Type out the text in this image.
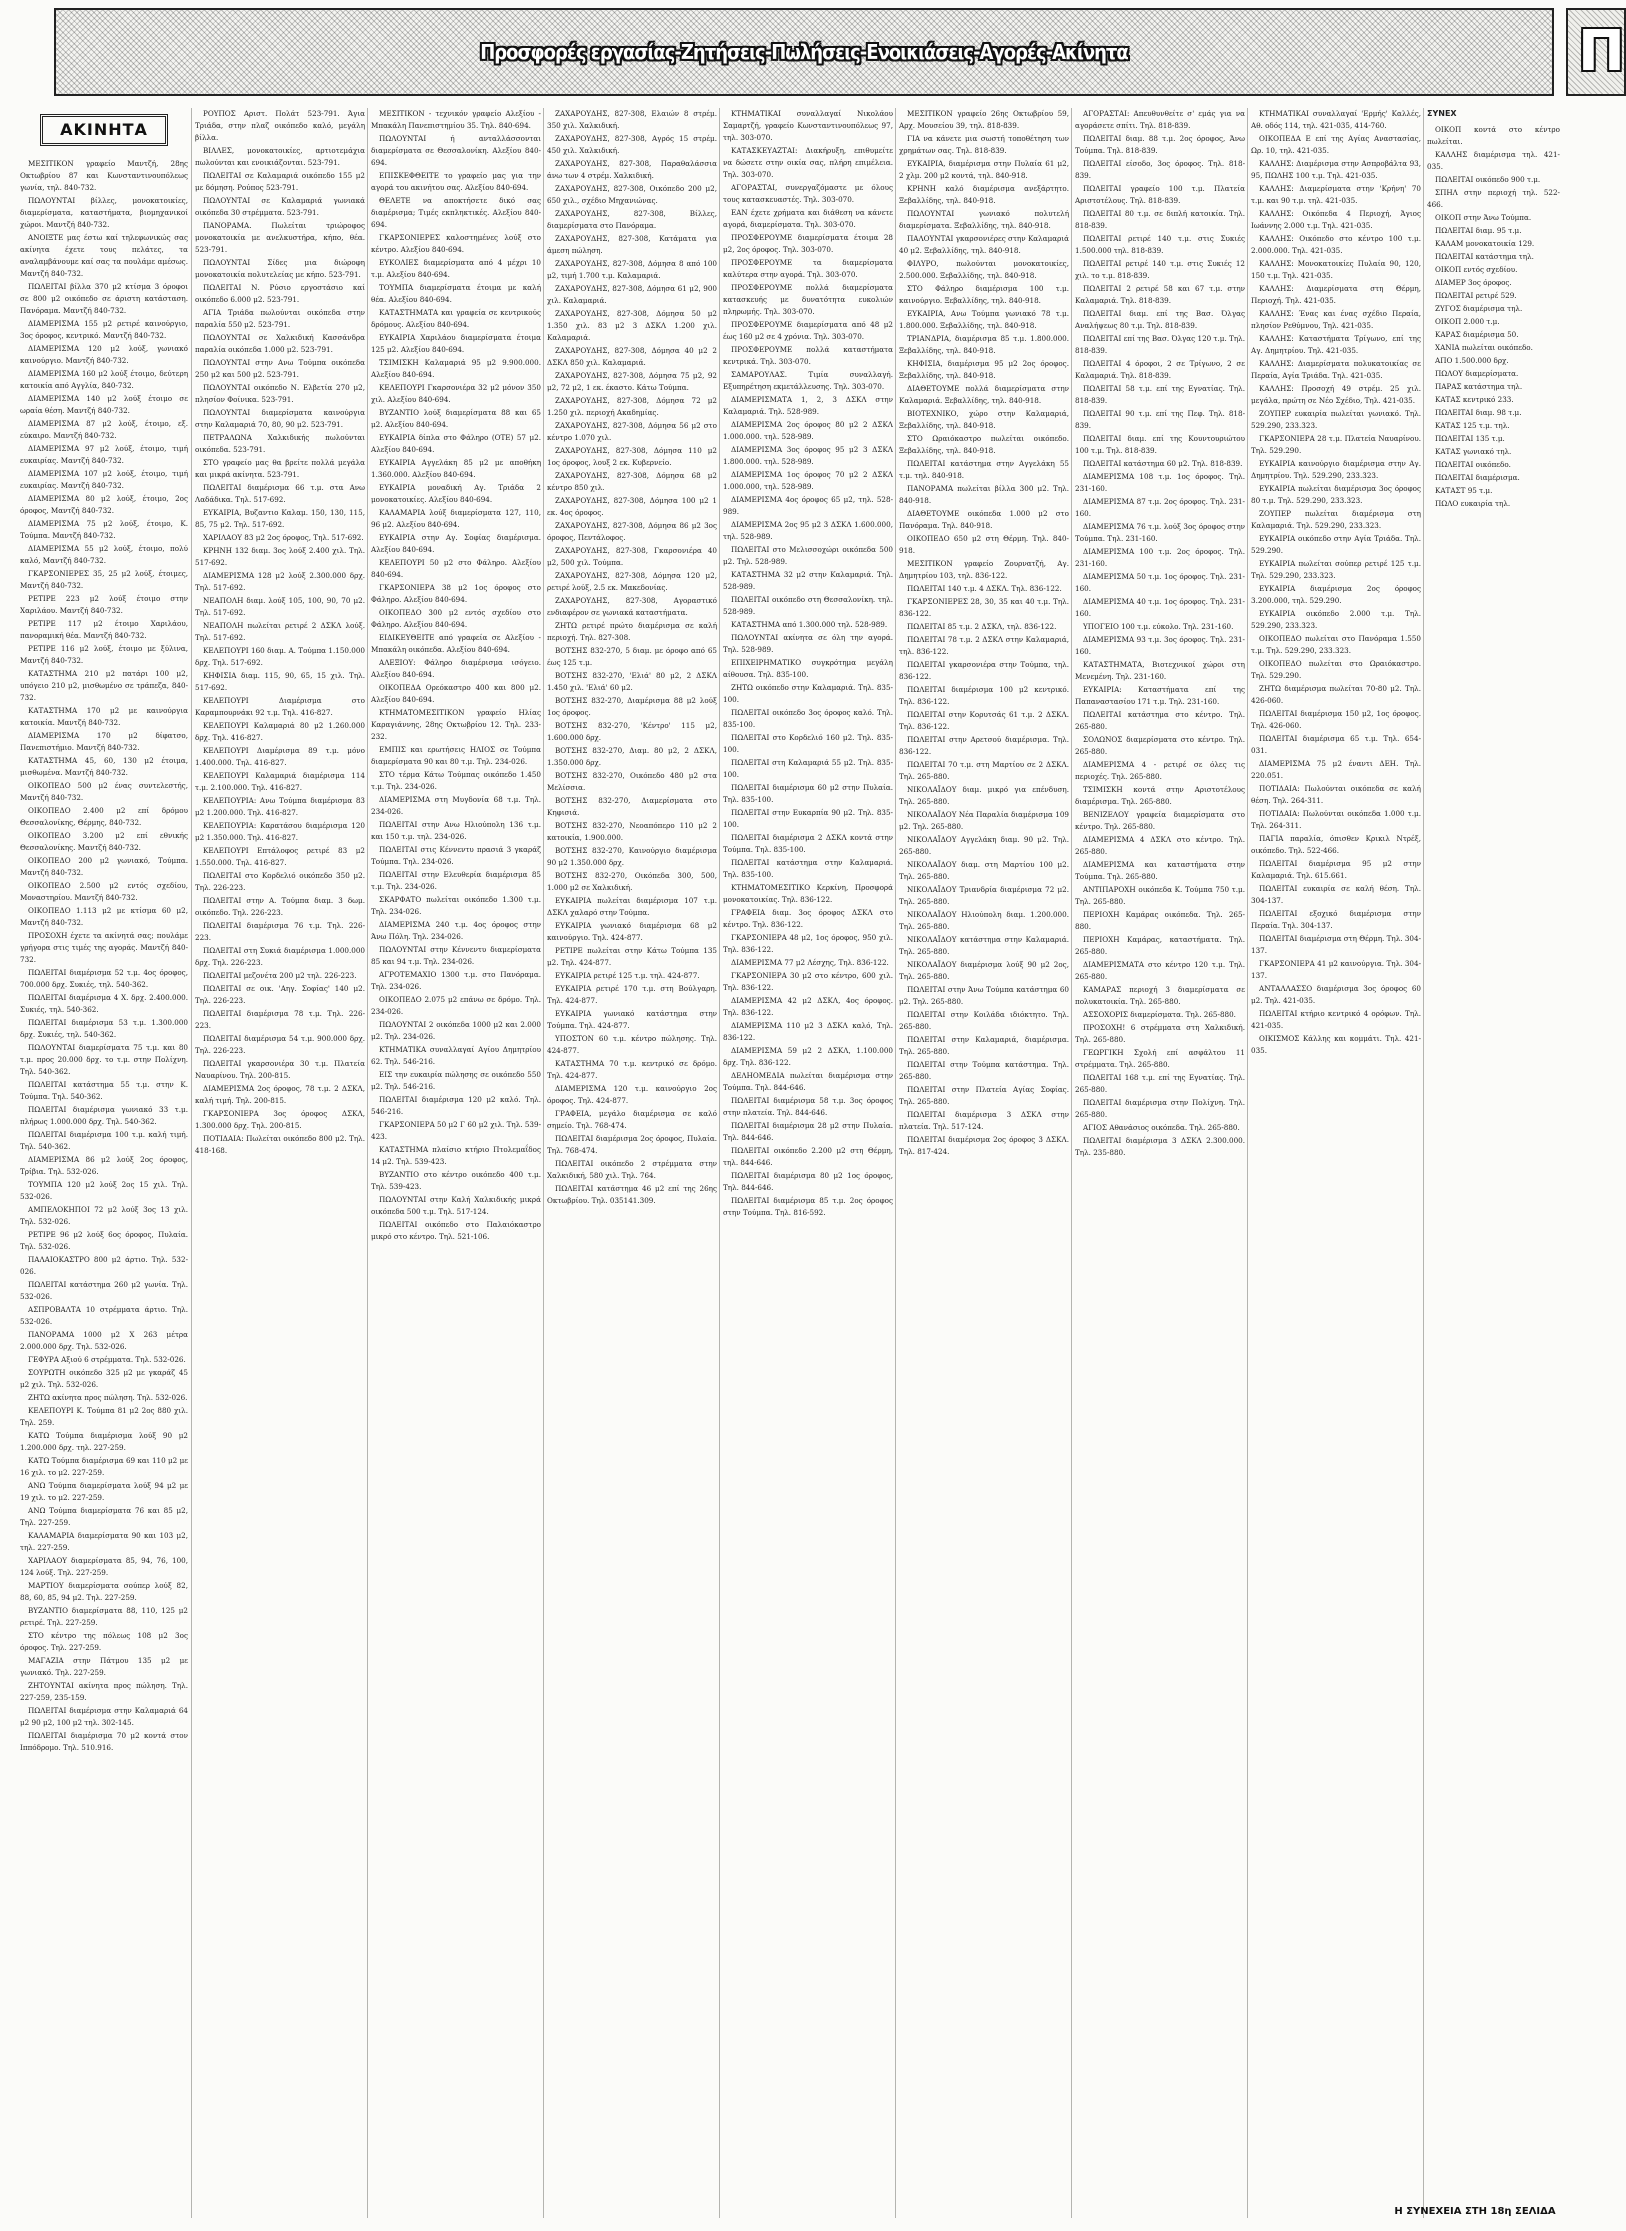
Προσφορές εργασίας-Ζητήσεις-Πωλήσεις-Ενοικιάσεις-Αγορές-Ακίνητα	Π
ΑΚΙΝΗΤΑ

ΜΕΣΙΤΙΚΟΝ γραφείο Μαντζή, 28ης Οκτωβρίου 87 και Κωνσταντινουπόλεως γωνία, τηλ. 840-732.

ΠΩΛΟΥΝΤΑΙ βίλλες, μονοκατοικίες, διαμερίσματα, καταστήματα, βιομηχανικοί χώροι. Μαντζή 840-732.

ΑΝΟΙΞΤΕ μας έστω καί τηλεφωνικώς σας ακίνητα έχετε τους πελάτες, τα αναλαμβάνουμε καί σας τα πουλάμε αμέσως. Μαντζή 840-732.

ΠΩΛΕΙΤΑΙ βίλλα 370 μ2 κτίσμα 3 όροφοι σε 800 μ2 οικόπεδο σε άριστη κατάσταση. Πανόραμα. Μαντζή 840-732.

ΔΙΑΜΕΡΙΣΜΑ 155 μ2 ρετιρέ καινούργιο, 3ος όροφος, κεντρικό. Μαντζή 840-732.

ΔΙΑΜΕΡΙΣΜΑ 120 μ2 λούξ, γωνιακό καινούργιο. Μαντζή 840-732.

ΔΙΑΜΕΡΙΣΜΑ 160 μ2 λούξ έτοιμο, δεύτερη κατοικία από Αγγλία, 840-732.

ΔΙΑΜΕΡΙΣΜΑ 140 μ2 λούξ έτοιμο σε ωραία θέση. Μαντζή 840-732.

ΔΙΑΜΕΡΙΣΜΑ 87 μ2 λούξ, έτοιμο, εξ. εύκαιρο. Μαντζή 840-732.

ΔΙΑΜΕΡΙΣΜΑ 97 μ2 λούξ, έτοιμο, τιμή ευκαιρίας. Μαντζή 840-732.

ΔΙΑΜΕΡΙΣΜΑ 107 μ2 λούξ, έτοιμο, τιμή ευκαιρίας. Μαντζή 840-732.

ΔΙΑΜΕΡΙΣΜΑ 80 μ2 λούξ, έτοιμο, 2ος όροφος, Μαντζή 840-732.

ΔΙΑΜΕΡΙΣΜΑ 75 μ2 λούξ, έτοιμο, Κ. Τούμπα. Μαντζή 840-732.

ΔΙΑΜΕΡΙΣΜΑ 55 μ2 λούξ, έτοιμο, πολύ καλό, Μαντζή 840-732.

ΓΚΑΡΣΟΝΙΕΡΕΣ 35, 25 μ2 λούξ, έτοιμες, Μαντζή 840-732.

ΡΕΤΙΡΕ 223 μ2 λούξ έτοιμο στην Χαριλάου. Μαντζή 840-732.

ΡΕΤΙΡΕ 117 μ2 έτοιμο Χαριλάου, πανοραμική θέα. Μαντζή 840-732.

ΡΕΤΙΡΕ 116 μ2 λούξ, έτοιμο με ξύλινα, Μαντζή 840-732.

ΚΑΤΑΣΤΗΜΑ 210 μ2 πατάρι 100 μ2, υπόγειο 210 μ2, μισθωμένο σε τράπεζα, 840-732.

ΚΑΤΑΣΤΗΜΑ 170 μ2 με καινούργια κατοικία. Μαντζή 840-732.

ΔΙΑΜΕΡΙΣΜΑ 170 μ2 δίφατσο, Πανεπιστήμιο. Μαντζή 840-732.

ΚΑΤΑΣΤΗΜΑ 45, 60, 130 μ2 έτοιμα, μισθωμένα. Μαντζή 840-732.

ΟΙΚΟΠΕΔΟ 500 μ2 ένας συντελεστής, Μαντζή 840-732.

ΟΙΚΟΠΕΔΟ 2.400 μ2 επί δρόμου Θεσσαλονίκης, Θέρμης, 840-732.

ΟΙΚΟΠΕΔΟ 3.200 μ2 επί εθνικής Θεσσαλονίκης. Μαντζή 840-732.

ΟΙΚΟΠΕΔΟ 200 μ2 γωνιακό, Τούμπα. Μαντζή 840-732.

ΟΙΚΟΠΕΔΟ 2.500 μ2 εντός σχεδίου, Μοναστηρίου. Μαντζή 840-732.

ΟΙΚΟΠΕΔΟ 1.113 μ2 με κτίσμα 60 μ2, Μαντζή 840-732.

ΠΡΟΣΟΧΗ έχετε τα ακίνητά σας; πουλάμε γρήγορα στις τιμές της αγοράς. Μαντζή 840-732.

ΠΩΛΕΙΤΑΙ διαμέρισμα 52 τ.μ. 4ος όροφος, 700.000 δρχ. Συκιές, τηλ. 540-362.

ΠΩΛΕΙΤΑΙ διαμέρισμα 4 Χ. δρχ. 2.400.000. Συκιές, τηλ. 540-362.

ΠΩΛΕΙΤΑΙ διαμέρισμα 53 τ.μ. 1.300.000 δρχ. Συκιές, τηλ. 540-362.

ΠΩΛΟΥΝΤΑΙ διαμερίσματα 75 τ.μ. και 80 τ.μ. προς 20.000 δρχ. το τ.μ. στην Πολίχνη. Τηλ. 540-362.

ΠΩΛΕΙΤΑΙ κατάστημα 55 τ.μ. στην Κ. Τούμπα. Τηλ. 540-362.

ΠΩΛΕΙΤΑΙ διαμέρισμα γωνιακό 33 τ.μ. πλήρως 1.000.000 δρχ. Τηλ. 540-362.

ΠΩΛΕΙΤΑΙ διαμέρισμα 100 τ.μ. καλή τιμή. Τηλ. 540-362.

ΔΙΑΜΕΡΙΣΜΑ 86 μ2 λούξ 2ος όροφος, Τρίβια. Τηλ. 532-026.

ΤΟΥΜΠΑ 120 μ2 λούξ 2ος 15 χιλ. Τηλ. 532-026.

ΑΜΠΕΛΟΚΗΠΟΙ 72 μ2 λούξ 3ος 13 χιλ. Τηλ. 532-026.

ΡΕΤΙΡΕ 96 μ2 λούξ 6ος όροφος, Πυλαία. Τηλ. 532-026.

ΠΑΛΑΙΟΚΑΣΤΡΟ 800 μ2 άρτιο. Τηλ. 532-026.

ΠΩΛΕΙΤΑΙ κατάστημα 260 μ2 γωνία. Τηλ. 532-026.

ΑΣΠΡΟΒΑΛΤΑ 10 στρέμματα άρτιο. Τηλ. 532-026.

ΠΑΝΟΡΑΜΑ 1000 μ2 Χ 263 μέτρα 2.000.000 δρχ. Τηλ. 532-026.

ΓΕΦΥΡΑ Αξιού 6 στρέμματα. Τηλ. 532-026.

ΣΟΥΡΩΤΗ οικόπεδο 325 μ2 με γκαράζ 45 μ2 χιλ. Τηλ. 532-026.

ΖΗΤΩ ακίνητα προς πώληση. Τηλ. 532-026.

ΚΕΛΕΠΟΥΡΙ Κ. Τούμπα 81 μ2 2ος 880 χιλ. Τηλ. 259.

ΚΑΤΩ Τούμπα διαμέρισμα λούξ 90 μ2 1.200.000 δρχ. τηλ. 227-259.

ΚΑΤΩ Τούμπα διαμέρισμα 69 και 110 μ2 με 16 χιλ. το μ2. 227-259.

ΑΝΩ Τούμπα διαμερίσματα λούξ 94 μ2 με 19 χιλ. το μ2. 227-259.

ΑΝΩ Τούμπα διαμερίσματα 76 και 85 μ2, Τηλ. 227-259.

ΚΑΛΑΜΑΡΙΑ διαμερίσματα 90 και 103 μ2, τηλ. 227-259.

ΧΑΡΙΛΑΟΥ διαμερίσματα 85, 94, 76, 100, 124 λούξ. Τηλ. 227-259.

ΜΑΡΤΙΟΥ διαμερίσματα σούπερ λούξ 82, 88, 60, 85, 94 μ2. Τηλ. 227-259.

ΒΥΖΑΝΤΙΟ διαμερίσματα 88, 110, 125 μ2 ρετιρέ. Τηλ. 227-259.

ΣΤΟ κέντρο της πόλεως 108 μ2 3ος όροφος. Τηλ. 227-259.

ΜΑΓΑΖΙΑ στην Πάτμου 135 μ2 με γωνιακό. Τηλ. 227-259.

ΖΗΤΟΥΝΤΑΙ ακίνητα προς πώληση. Τηλ. 227-259, 235-159.

ΠΩΛΕΙΤΑΙ διαμέρισμα στην Καλαμαριά 64 μ2 90 μ2, 100 μ2 τηλ. 302-145.

ΠΩΛΕΙΤΑΙ διαμέρισμα 70 μ2 κοντά στον Ιππόδρομο. Τηλ. 510.916.

ΡΟΥΠΟΣ Αριστ. Πολάτ 523-791. Άγια Τριάδα, στην πλαζ οικόπεδο καλό, μεγάλη βίλλα.

ΒΙΛΛΕΣ, μονοκατοικίες, αρτιοτεμάχια πωλούνται και ενοικιάζονται. 523-791.

ΠΩΛΕΙΤΑΙ σε Καλαμαριά οικόπεδο 155 μ2 με δόμηση. Ρούπος 523-791.

ΠΩΛΟΥΝΤΑΙ σε Καλαμαριά γωνιακά οικόπεδα 30 στρέμματα. 523-791.

ΠΑΝΟΡΑΜΑ. Πωλείται τριώροφος μονοκατοικία με ανελκυστήρα, κήπο, θέα. 523-791.

ΠΩΛΟΥΝΤΑΙ Σίδες μια διώροφη μονοκατοικία πολυτελείας με κήπο. 523-791.

ΠΩΛΕΙΤΑΙ Ν. Ρύσιο εργοστάσιο καί οικόπεδο 6.000 μ2. 523-791.

ΑΓΙΑ Τριάδα πωλούνται οικόπεδα στην παραλία 550 μ2. 523-791.

ΠΩΛΟΥΝΤΑΙ σε Χαλκιδική Κασσάνδρα παραλία οικόπεδα 1.000 μ2. 523-791.

ΠΩΛΟΥΝΤΑΙ στην Ανω Τούμπα οικόπεδα 250 μ2 και 500 μ2. 523-791.

ΠΩΛΟΥΝΤΑΙ οικόπεδο Ν. Ελβετία 270 μ2, πλησίον Φοίνικα. 523-791.

ΠΩΛΟΥΝΤΑΙ διαμερίσματα καινούργια στην Καλαμαριά 70, 80, 90 μ2. 523-791.

ΠΕΤΡΑΛΩΝΑ Χαλκιδικής πωλούνται οικόπεδα. 523-791.

ΣΤΟ γραφείο μας θα βρείτε πολλά μεγάλα και μικρά ακίνητα. 523-791.

ΠΩΛΕΙΤΑΙ διαμέρισμα 66 τ.μ. στα Ανω Λαδάδικα. Τηλ. 517-692.

ΕΥΚΑΙΡΙΑ, Βυζαντιο Καλαμ. 150, 130, 115, 85, 75 μ2. Τηλ. 517-692.

ΧΑΡΙΛΑΟΥ 83 μ2 2ος όροφος, Τηλ. 517-692.

ΚΡΗΝΗ 132 διαμ. 3ος λούξ 2.400 χιλ. Τηλ. 517-692.

ΔΙΑΜΕΡΙΣΜΑ 128 μ2 λούξ 2.300.000 δρχ. Τηλ. 517-692.

ΝΕΑΠΟΛΗ διαμ. λούξ 105, 100, 90, 70 μ2. Τηλ. 517-692.

ΝΕΑΠΟΛΗ πωλείται ρετιρέ 2 ΔΣΚΛ λούξ. Τηλ. 517-692.

ΚΕΛΕΠΟΥΡΙ 160 διαμ. Α. Τούμπα 1.150.000 δρχ. Τηλ. 517-692.

ΚΗΦΙΣΙΑ διαμ. 115, 90, 65, 15 χιλ. Τηλ. 517-692.

ΚΕΛΕΠΟΥΡΙ Διαμέρισμα στο Καραμπουρνάκι 92 τ.μ. Τηλ. 416-827.

ΚΕΛΕΠΟΥΡΙ Καλαμαριά 80 μ2 1.260.000 δρχ. Τηλ. 416-827.

ΚΕΛΕΠΟΥΡΙ Διαμέρισμα 89 τ.μ. μόνο 1.400.000. Τηλ. 416-827.

ΚΕΛΕΠΟΥΡΙ Καλαμαριά διαμέρισμα 114 τ.μ. 2.100.000. Τηλ. 416-827.

ΚΕΛΕΠΟΥΡΙΑ: Ανω Τούμπα διαμέρισμα 83 μ2 1.200.000. Τηλ. 416-827.

ΚΕΛΕΠΟΥΡΙΑ: Καρατάσου διαμέρισμα 120 μ2 1.350.000. Τηλ. 416-827.

ΚΕΛΕΠΟΥΡΙ Επτάλοφος ρετιρέ 83 μ2 1.550.000. Τηλ. 416-827.

ΠΩΛΕΙΤΑΙ στο Κορδελιό οικόπεδο 350 μ2. Τηλ. 226-223.

ΠΩΛΕΙΤΑΙ στην Α. Τούμπα διαμ. 3 δωμ. οικόπεδο. Τηλ. 226-223.

ΠΩΛΕΙΤΑΙ διαμέρισμα 76 τ.μ. Τηλ. 226-223.

ΠΩΛΕΙΤΑΙ στη Συκιά διαμέρισμα 1.000.000 δρχ. Τηλ. 226-223.

ΠΩΛΕΙΤΑΙ μεζονέτα 200 μ2 τηλ. 226-223.

ΠΩΛΕΙΤΑΙ σε οικ. 'Αηγ. Σοφίας' 140 μ2. Τηλ. 226-223.

ΠΩΛΕΙΤΑΙ διαμέρισμα 78 τ.μ. Τηλ. 226-223.

ΠΩΛΕΙΤΑΙ διαμέρισμα 54 τ.μ. 900.000 δρχ. Τηλ. 226-223.

ΠΩΛΕΙΤΑΙ γκαρσονιέρα 30 τ.μ. Πλατεία Ναυαρίνου. Τηλ. 200-815.

ΔΙΑΜΕΡΙΣΜΑ 2ος όροφος, 78 τ.μ. 2 ΔΣΚΛ, καλή τιμή. Τηλ. 200-815.

ΓΚΑΡΣΟΝΙΕΡΑ 3ος όροφος ΔΣΚΛ, 1.300.000 δρχ. Τηλ. 200-815.

ΠΟΤΙΔΑΙΑ: Πωλείται οικόπεδο 800 μ2. Τηλ. 418-168.

ΜΕΣΙΤΙΚΟΝ - τεχνικόν γραφείο Αλεξίου - Μπακάλη Πανεπιστημίου 35. Τηλ. 840-694.

ΠΩΛΟΥΝΤΑΙ ή ανταλλάσσονται διαμερίσματα σε Θεσσαλονίκη. Αλεξίου 840-694.

ΕΠΙΣΚΕΦΘΕΙΤΕ το γραφείο μας για την αγορά του ακινήτου σας. Αλεξίου 840-694.

ΘΕΛΕΤΕ να αποκτήσετε δικό σας διαμέρισμα; Τιμές εκπληκτικές. Αλεξίου 840-694.

ΓΚΑΡΣΟΝΙΕΡΕΣ καλοστημένες λούξ στο κέντρο. Αλεξίου 840-694.

ΕΥΚΟΛΙΕΣ διαμερίσματα από 4 μέχρι 10 τ.μ. Αλεξίου 840-694.

ΤΟΥΜΠΑ διαμερίσματα έτοιμα με καλή θέα. Αλεξίου 840-694.

ΚΑΤΑΣΤΗΜΑΤΑ και γραφεία σε κεντρικούς δρόμους. Αλεξίου 840-694.

ΕΥΚΑΙΡΙΑ Χαριλάου διαμερίσματα έτοιμα 125 μ2. Αλεξίου 840-694.

ΤΣΙΜΙΣΚΗ Καλαμαριά 95 μ2 9.900.000. Αλεξίου 840-694.

ΚΕΛΕΠΟΥΡΙ Γκαρσονιέρα 32 μ2 μόνον 350 χιλ. Αλεξίου 840-694.

ΒΥΖΑΝΤΙΟ λούξ διαμερίσματα 88 και 65 μ2. Αλεξίου 840-694.

ΕΥΚΑΙΡΙΑ δίπλα στο Φάληρο (ΟΤΕ) 57 μ2. Αλεξίου 840-694.

ΕΥΚΑΙΡΙΑ Αγγελάκη 85 μ2 με αποθήκη 1.360.000. Αλεξίου 840-694.

ΕΥΚΑΙΡΙΑ μοναδική Αγ. Τριάδα 2 μονοκατοικίες. Αλεξίου 840-694.

ΚΑΛΑΜΑΡΙΑ λούξ διαμερίσματα 127, 110, 96 μ2. Αλεξίου 840-694.

ΕΥΚΑΙΡΙΑ στην Αγ. Σοφίας διαμέρισμα. Αλεξίου 840-694.

ΚΕΛΕΠΟΥΡΙ 50 μ2 στο Φάληρο. Αλεξίου 840-694.

ΓΚΑΡΣΟΝΙΕΡΑ 38 μ2 1ος όροφος στο Φάληρο. Αλεξίου 840-694.

ΟΙΚΟΠΕΔΟ 300 μ2 εντός σχεδίου στο Φάληρο. Αλεξίου 840-694.

ΕΙΔΙΚΕΥΘΕΙΤΕ από γραφεία σε Αλεξίου - Μπακάλη οικόπεδα. Αλεξίου 840-694.

ΑΛΕΞΙΟΥ: Φάληρο διαμέρισμα ισόγειο. Αλεξίου 840-694.

ΟΙΚΟΠΕΔΑ Ορεόκαστρο 400 και 800 μ2. Αλεξίου 840-694.

ΚΤΗΜΑΤΟΜΕΣΙΤΙΚΟΝ γραφείο Ηλίας Καραγιάννης, 28ης Οκτωβρίου 12. Τηλ. 233-232.

ΕΜΠΙΣ και ερωτήσεις ΗΛΙΟΣ σε Τούμπα διαμερίσματα 90 και 80 τ.μ. Τηλ. 234-026.

ΣΤΟ τέρμα Κάτω Τούμπας οικόπεδο 1.450 τ.μ. Τηλ. 234-026.

ΔΙΑΜΕΡΙΣΜΑ στη Μυγδονία 68 τ.μ. Τηλ. 234-026.

ΠΩΛΕΙΤΑΙ στην Ανω Ηλιούπολη 136 τ.μ. και 150 τ.μ. τηλ. 234-026.

ΠΩΛΕΙΤΑΙ στις Κέννεντυ πρασιά 3 γκαράζ Τούμπα. Τηλ. 234-026.

ΠΩΛΕΙΤΑΙ στην Ελευθερία διαμέρισμα 85 τ.μ. Τηλ. 234-026.

ΣΚΑΡΦΑΤΟ πωλείται οικόπεδο 1.300 τ.μ. Τηλ. 234-026.

ΔΙΑΜΕΡΙΣΜΑ 240 τ.μ. 4ος όροφος στην Άνω Πόλη. Τηλ. 234-026.

ΠΩΛΟΥΝΤΑΙ στην Κέννεντυ διαμερίσματα 85 και 94 τ.μ. Τηλ. 234-026.

ΑΓΡΟΤΕΜΑΧΙΟ 1300 τ.μ. στο Πανόραμα. Τηλ. 234-026.

ΟΙΚΟΠΕΔΟ 2.075 μ2 επάνω σε δρόμο. Τηλ. 234-026.

ΠΩΛΟΥΝΤΑΙ 2 οικόπεδα 1000 μ2 και 2.000 μ2. Τηλ. 234-026.

ΚΤΗΜΑΤΙΚΑ συναλλαγαί Αγίου Δημητρίου 62. Τηλ. 546-216.

ΕΙΣ την ευκαιρία πώλησης σε οικόπεδο 550 μ2. Τηλ. 546-216.

ΠΩΛΕΙΤΑΙ διαμέρισμα 120 μ2 καλό. Τηλ. 546-216.

ΓΚΑΡΣΟΝΙΕΡΑ 50 μ2 Γ 60 μ2 χιλ. Τηλ. 539-423.

ΚΑΤΑΣΤΗΜΑ πλαίσιο κτήριο Πτολεμαΐδος 14 μ2. Τηλ. 539-423.

ΒΥΖΑΝΤΙΟ στο κέντρο οικόπεδο 400 τ.μ. Τηλ. 539-423.

ΠΩΛΟΥΝΤΑΙ στην Καλή Χαλκιδικής μικρά οικόπεδα 500 τ.μ. Τηλ. 517-124.

ΠΩΛΕΙΤΑΙ οικόπεδο στο Παλαιόκαστρο μικρό στο κέντρο. Τηλ. 521-106.

ΖΑΧΑΡΟΥΔΗΣ, 827-308, Ελαιών 8 στρέμ. 350 χιλ. Χαλκιδική.

ΖΑΧΑΡΟΥΔΗΣ, 827-308, Αγρός 15 στρέμ. 450 χιλ. Χαλκιδική.

ΖΑΧΑΡΟΥΔΗΣ, 827-308, Παραθαλάσσια άνω των 4 στρέμ. Χαλκιδική.

ΖΑΧΑΡΟΥΔΗΣ, 827-308, Οικόπεδο 200 μ2, 650 χιλ., σχέδιο Μηχανιώνας.

ΖΑΧΑΡΟΥΔΗΣ, 827-308, Βίλλες, διαμερίσματα στο Πανόραμα.

ΖΑΧΑΡΟΥΔΗΣ, 827-308, Κατάματα για άμεση πώληση.

ΖΑΧΑΡΟΥΔΗΣ, 827-308, Δόμησα 8 από 100 μ2, τιμή 1.700 τ.μ. Καλαμαριά.

ΖΑΧΑΡΟΥΔΗΣ, 827-308, Δόμησα 61 μ2, 900 χιλ. Καλαμαριά.

ΖΑΧΑΡΟΥΔΗΣ, 827-308, Δόμησα 50 μ2 1.350 χιλ. 83 μ2 3 ΔΣΚΛ 1.200 χιλ. Καλαμαριά.

ΖΑΧΑΡΟΥΔΗΣ, 827-308, Δόμησα 40 μ2 2 ΔΣΚΛ 850 χιλ. Καλαμαριά.

ΖΑΧΑΡΟΥΔΗΣ, 827-308, Δόμησα 75 μ2, 92 μ2, 72 μ2, 1 εκ. έκαστο. Κάτω Τούμπα.

ΖΑΧΑΡΟΥΔΗΣ, 827-308, Δόμησα 72 μ2 1.250 χιλ. περιοχή Ακαδημίας.

ΖΑΧΑΡΟΥΔΗΣ, 827-308, Δόμησα 56 μ2 στο κέντρο 1.070 χιλ.

ΖΑΧΑΡΟΥΔΗΣ, 827-308, Δόμησα 110 μ2 1ος όροφος, λουξ 2 εκ. Κυβερνείο.

ΖΑΧΑΡΟΥΔΗΣ, 827-308, Δόμησα 68 μ2 κέντρο 850 χιλ.

ΖΑΧΑΡΟΥΔΗΣ, 827-308, Δόμησα 100 μ2 1 εκ. 4ος όροφος.

ΖΑΧΑΡΟΥΔΗΣ, 827-308, Δόμησα 86 μ2 3ος όροφος, Πεντάλοφος.

ΖΑΧΑΡΟΥΔΗΣ, 827-308, Γκαρσονιέρα 40 μ2, 500 χιλ. Τούμπα.

ΖΑΧΑΡΟΥΔΗΣ, 827-308, Δόμησα 120 μ2, ρετιρέ λούξ, 2.5 εκ. Μακεδονίας.

ΖΑΧΑΡΟΥΔΗΣ, 827-308, Αγοραστικό ενδιαφέρον σε γωνιακά καταστήματα.

ΖΗΤΩ ρετιρέ πρώτο διαμέρισμα σε καλή περιοχή. Τηλ. 827-308.

ΒΟΤΣΗΣ 832-270, 5 διαμ. με όροφο από 65 έως 125 τ.μ.

ΒΟΤΣΗΣ 832-270, 'Ελιά' 80 μ2, 2 ΔΣΚΛ 1.450 χιλ. 'Ελιά' 60 μ2.

ΒΟΤΣΗΣ 832-270, Διαμέρισμα 88 μ2 λούξ 1ος όροφος.

ΒΟΤΣΗΣ 832-270, 'Κέντρο' 115 μ2, 1.600.000 δρχ.

ΒΟΤΣΗΣ 832-270, Διαμ. 80 μ2, 2 ΔΣΚΛ, 1.350.000 δρχ.

ΒΟΤΣΗΣ 832-270, Οικόπεδο 480 μ2 στα Μελίσσια.

ΒΟΤΣΗΣ 832-270, Διαμερίσματα στο Κηφισιά.

ΒΟΤΣΗΣ 832-270, Νεοαπόπερο 110 μ2 2 κατοικία, 1.900.000.

ΒΟΤΣΗΣ 832-270, Καινούργιο διαμέρισμα 90 μ2 1.350.000 δρχ.

ΒΟΤΣΗΣ 832-270, Οικόπεδα 300, 500, 1.000 μ2 σε Χαλκιδική.

ΕΥΚΑΙΡΙΑ πωλείται διαμέρισμα 107 τ.μ. ΔΣΚΛ χαλαρό στην Τούμπα.

ΕΥΚΑΙΡΙΑ γωνιακό διαμέρισμα 68 μ2 καινούργιο. Τηλ. 424-877.

ΡΕΤΙΡΕ πωλείται στην Κάτω Τούμπα 135 μ2. Τηλ. 424-877.

ΕΥΚΑΙΡΙΑ ρετιρέ 125 τ.μ. τηλ. 424-877.

ΕΥΚΑΙΡΙΑ ρετιρέ 170 τ.μ. στη Βούλγαρη. Τηλ. 424-877.

ΕΥΚΑΙΡΙΑ γωνιακό κατάστημα στην Τούμπα. Τηλ. 424-877.

ΥΠΟΣΤΟΝ 60 τ.μ. κέντρο πώλησης. Τηλ. 424-877.

ΚΑΤΑΣΤΗΜΑ 70 τ.μ. κεντρικό σε δρόμο. Τηλ. 424-877.

ΔΙΑΜΕΡΙΣΜΑ 120 τ.μ. καινούργιο 2ος όροφος. Τηλ. 424-877.

ΓΡΑΦΕΙΑ, μεγάλο διαμέρισμα σε καλό σημείο. Τηλ. 768-474.

ΠΩΛΕΙΤΑΙ διαμέρισμα 2ος όροφος, Πυλαία. Τηλ. 768-474.

ΠΩΛΕΙΤΑΙ οικόπεδο 2 στρέμματα στην Χαλκιδική, 580 χιλ. Τηλ. 764.

ΠΩΛΕΙΤΑΙ κατάστημα 46 μ2 επί της 26ης Οκτωβρίου. Τηλ. 035141.309.

ΚΤΗΜΑΤΙΚΑΙ συναλλαγαί Νικολάου Σαμαρτζή, γραφείο Κωνσταντινουπόλεως 97, τηλ. 303-070.

ΚΑΤΑΣΚΕΥΑΖΤΑΙ: Διακήρυξη, επιθυμείτε να δώσετε στην οικία σας, πλήρη επιμέλεια. Τηλ. 303-070.

ΑΓΟΡΑΣΤΑΙ, συνεργαζόμαστε με όλους τους κατασκευαστές. Τηλ. 303-070.

ΕΑΝ έχετε χρήματα και διάθεση να κάνετε αγορά, διαμερίσματα. Τηλ. 303-070.

ΠΡΟΣΦΕΡΟΥΜΕ διαμερίσματα έτοιμα 28 μ2, 2ος όροφος. Τηλ. 303-070.

ΠΡΟΣΦΕΡΟΥΜΕ τα διαμερίσματα καλύτερα στην αγορά. Τηλ. 303-070.

ΠΡΟΣΦΕΡΟΥΜΕ πολλά διαμερίσματα κατασκευής με δυνατότητα ευκολιών πληρωμής. Τηλ. 303-070.

ΠΡΟΣΦΕΡΟΥΜΕ διαμερίσματα από 48 μ2 έως 160 μ2 σε 4 χρόνια. Τηλ. 303-070.

ΠΡΟΣΦΕΡΟΥΜΕ πολλά καταστήματα κεντρικά. Τηλ. 303-070.

ΣΑΜΑΡΟΥΛΑΣ. Τιμία συναλλαγή. Εξυπηρέτηση εκμετάλλευσης. Τηλ. 303-070.

ΔΙΑΜΕΡΙΣΜΑΤΑ 1, 2, 3 ΔΣΚΛ στην Καλαμαριά. Τηλ. 528-989.

ΔΙΑΜΕΡΙΣΜΑ 2ος όροφος 80 μ2 2 ΔΣΚΛ 1.000.000. τηλ. 528-989.

ΔΙΑΜΕΡΙΣΜΑ 3ος όροφος 95 μ2 3 ΔΣΚΛ 1.800.000. τηλ. 528-989.

ΔΙΑΜΕΡΙΣΜΑ 1ος όροφος 70 μ2 2 ΔΣΚΛ 1.000.000, τηλ. 528-989.

ΔΙΑΜΕΡΙΣΜΑ 4ος όροφος 65 μ2, τηλ. 528-989.

ΔΙΑΜΕΡΙΣΜΑ 2ος 95 μ2 3 ΔΣΚΛ 1.600.000, τηλ. 528-989.

ΠΩΛΕΙΤΑΙ στο Μελισσοχώρι οικόπεδα 500 μ2. Τηλ. 528-989.

ΚΑΤΑΣΤΗΜΑ 32 μ2 στην Καλαμαριά. Τηλ. 528-989.

ΠΩΛΕΙΤΑΙ οικόπεδο στη Θεσσαλονίκη. τηλ. 528-989.

ΚΑΤΑΣΤΗΜΑ από 1.300.000 τηλ. 528-989.

ΠΩΛΟΥΝΤΑΙ ακίνητα σε όλη την αγορά. Τηλ. 528-989.

ΕΠΙΧΕΙΡΗΜΑΤΙΚΟ συγκρότημα μεγάλη αίθουσα. Τηλ. 835-100.

ΖΗΤΩ οικόπεδο στην Καλαμαριά. Τηλ. 835-100.

ΠΩΛΕΙΤΑΙ οικόπεδο 3ος όροφος καλό. Τηλ. 835-100.

ΠΩΛΕΙΤΑΙ στο Κορδελιό 160 μ2. Τηλ. 835-100.

ΠΩΛΕΙΤΑΙ στη Καλαμαριά 55 μ2. Τηλ. 835-100.

ΠΩΛΕΙΤΑΙ διαμέρισμα 60 μ2 στην Πυλαία. Τηλ. 835-100.

ΠΩΛΕΙΤΑΙ στην Ευκαρπία 90 μ2. Τηλ. 835-100.

ΠΩΛΕΙΤΑΙ διαμέρισμα 2 ΔΣΚΛ κοντά στην Τούμπα. Τηλ. 835-100.

ΠΩΛΕΙΤΑΙ κατάστημα στην Καλαμαριά. Τηλ. 835-100.

ΚΤΗΜΑΤΟΜΕΣΙΤΙΚΟ Κερκίνη, Προσφορά μονοκατοικίας. Τηλ. 836-122.

ΓΡΑΦΕΙΑ διαμ. 3ος όροφος ΔΣΚΛ στο κέντρο. Τηλ. 836-122.

ΓΚΑΡΣΟΝΙΕΡΑ 48 μ2, 1ος όροφος, 950 χιλ. Τηλ. 836-122.

ΔΙΑΜΕΡΙΣΜΑ 77 μ2 Λέσχης, Τηλ. 836-122.

ΓΚΑΡΣΟΝΙΕΡΑ 30 μ2 στο κέντρο, 600 χιλ. Τηλ. 836-122.

ΔΙΑΜΕΡΙΣΜΑ 42 μ2 ΔΣΚΛ, 4ος όροφος. Τηλ. 836-122.

ΔΙΑΜΕΡΙΣΜΑ 110 μ2 3 ΔΣΚΛ καλό, Τηλ. 836-122.

ΔΙΑΜΕΡΙΣΜΑ 59 μ2 2 ΔΣΚΛ, 1.100.000 δρχ. Τηλ. 836-122.

ΔΕΛΗΟΜΕΔΙΑ πωλείται διαμέρισμα στην Τούμπα. Τηλ. 844-646.

ΠΩΛΕΙΤΑΙ διαμέρισμα 58 τ.μ. 3ος όροφος στην πλατεία. Τηλ. 844-646.

ΠΩΛΕΙΤΑΙ διαμέρισμα 28 μ2 στην Πυλαία. Τηλ. 844-646.

ΠΩΛΕΙΤΑΙ οικόπεδο 2.200 μ2 στη Θέρμη, τηλ. 844-646.

ΠΩΛΕΙΤΑΙ διαμέρισμα 80 μ2 1ος όροφος, Τηλ. 844-646.

ΠΩΛΕΙΤΑΙ διαμέρισμα 85 τ.μ. 2ος όροφος στην Τούμπα. Τηλ. 816-592.

ΜΕΣΙΤΙΚΟΝ γραφείο 26ης Οκτωβρίου 59, Αρχ. Μουσείου 39, τηλ. 818-839.

ΓΙΑ να κάνετε μια σωστή τοποθέτηση των χρημάτων σας. Τηλ. 818-839.

ΕΥΚΑΙΡΙΑ, διαμέρισμα στην Πυλαία 61 μ2, 2 χλμ. 200 μ2 κοντά, τηλ. 840-918.

ΚΡΗΝΗ καλό διαμέρισμα ανεξάρτητο. Ξεβαλλίδης, τηλ. 840-918.

ΠΩΛΟΥΝΤΑΙ γωνιακό πολυτελή διαμερίσματα. Ξεβαλλίδης, τηλ. 840-918.

ΠΑΛΟΥΝΤΑΙ γκαρσονιέρες στην Καλαμαριά 40 μ2. Ξεβαλλίδης, τηλ. 840-918.

ΦΙΛΥΡΟ, πωλούνται μονοκατοικίες, 2.500.000. Ξεβαλλίδης, τηλ. 840-918.

ΣΤΟ Φάληρο διαμέρισμα 100 τ.μ. καινούργιο. Ξεβαλλίδης, τηλ. 840-918.

ΕΥΚΑΙΡΙΑ, Ανω Τούμπα γωνιακό 78 τ.μ. 1.800.000. Ξεβαλλίδης, τηλ. 840-918.

ΤΡΙΑΝΔΡΙΑ, διαμέρισμα 85 τ.μ. 1.800.000. Ξεβαλλίδης, τηλ. 840-918.

ΚΗΦΙΣΙΑ, διαμέρισμα 95 μ2 2ος όροφος. Ξεβαλλίδης, τηλ. 840-918.

ΔΙΑΘΕΤΟΥΜΕ πολλά διαμερίσματα στην Καλαμαριά. Ξεβαλλίδης, τηλ. 840-918.

ΒΙΟΤΕΧΝΙΚΟ, χώρο στην Καλαμαριά, Ξεβαλλίδης, τηλ. 840-918.

ΣΤΟ Ωραιόκαστρο πωλείται οικόπεδο. Ξεβαλλίδης, τηλ. 840-918.

ΠΩΛΕΙΤΑΙ κατάστημα στην Αγγελάκη 55 τ.μ. τηλ. 840-918.

ΠΑΝΟΡΑΜΑ πωλείται βίλλα 300 μ2. Τηλ. 840-918.

ΔΙΑΘΕΤΟΥΜΕ οικόπεδα 1.000 μ2 στο Πανόραμα. Τηλ. 840-918.

ΟΙΚΟΠΕΔΟ 650 μ2 στη Θέρμη. Τηλ. 840-918.

ΜΕΣΙΤΙΚΟΝ γραφείο Ζουρνατζή, Αγ. Δημητρίου 103, τηλ. 836-122.

ΠΩΛΕΙΤΑΙ 140 τ.μ. 4 ΔΣΚΛ. Τηλ. 836-122.

ΓΚΑΡΣΟΝΙΕΡΕΣ 28, 30, 35 και 40 τ.μ. Τηλ. 836-122.

ΠΩΛΕΙΤΑΙ 85 τ.μ. 2 ΔΣΚΛ, τηλ. 836-122.

ΠΩΛΕΙΤΑΙ 78 τ.μ. 2 ΔΣΚΛ στην Καλαμαριά, τηλ. 836-122.

ΠΩΛΕΙΤΑΙ γκαρσονιέρα στην Τούμπα, τηλ. 836-122.

ΠΩΛΕΙΤΑΙ διαμέρισμα 100 μ2 κεντρικό. Τηλ. 836-122.

ΠΩΛΕΙΤΑΙ στην Κορυτσάς 61 τ.μ. 2 ΔΣΚΛ. Τηλ. 836-122.

ΠΩΛΕΙΤΑΙ στην Αρετσού διαμέρισμα. Τηλ. 836-122.

ΠΩΛΕΙΤΑΙ 70 τ.μ. στη Μαρτίου σε 2 ΔΣΚΛ. Τηλ. 265-880.

ΝΙΚΟΛΑΪΔΟΥ διαμ. μικρό για επένδυση. Τηλ. 265-880.

ΝΙΚΟΛΑΪΔΟΥ Νέα Παραλία διαμέρισμα 109 μ2. Τηλ. 265-880.

ΝΙΚΟΛΑΪΔΟΥ Αγγελάκη διαμ. 90 μ2. Τηλ. 265-880.

ΝΙΚΟΛΑΪΔΟΥ διαμ. στη Μαρτίου 100 μ2. Τηλ. 265-880.

ΝΙΚΟΛΑΪΔΟΥ Τριανδρία διαμέρισμα 72 μ2. Τηλ. 265-880.

ΝΙΚΟΛΑΪΔΟΥ Ηλιούπολη διαμ. 1.200.000. Τηλ. 265-880.

ΝΙΚΟΛΑΪΔΟΥ κατάστημα στην Καλαμαριά. Τηλ. 265-880.

ΝΙΚΟΛΑΪΔΟΥ διαμέρισμα λούξ 90 μ2 2ος, Τηλ. 265-880.

ΠΩΛΕΙΤΑΙ στην Άνω Τούμπα κατάστημα 60 μ2. Τηλ. 265-880.

ΠΩΛΕΙΤΑΙ στην Κοιλάδα ιδιόκτητο. Τηλ. 265-880.

ΠΩΛΕΙΤΑΙ στην Καλαμαριά, διαμέρισμα. Τηλ. 265-880.

ΠΩΛΕΙΤΑΙ στην Τούμπα κατάστημα. Τηλ. 265-880.

ΠΩΛΕΙΤΑΙ στην Πλατεία Αγίας Σοφίας. Τηλ. 265-880.

ΠΩΛΕΙΤΑΙ διαμέρισμα 3 ΔΣΚΛ στην πλατεία. Τηλ. 517-124.

ΠΩΛΕΙΤΑΙ διαμέρισμα 2ος όροφος 3 ΔΣΚΛ. Τηλ. 817-424.

ΑΓΟΡΑΣΤΑΙ: Απευθυνθείτε σ' εμάς για να αγοράσετε σπίτι. Τηλ. 818-839.

ΠΩΛΕΙΤΑΙ διαμ. 88 τ.μ. 2ος όροφος, Άνω Τούμπα. Τηλ. 818-839.

ΠΩΛΕΙΤΑΙ είσοδο, 3ος όροφος. Τηλ. 818-839.

ΠΩΛΕΙΤΑΙ γραφείο 100 τ.μ. Πλατεία Αριστοτέλους. Τηλ. 818-839.

ΠΩΛΕΙΤΑΙ 80 τ.μ. σε διπλή κατοικία. Τηλ. 818-839.

ΠΩΛΕΙΤΑΙ ρετιρέ 140 τ.μ. στις Συκιές 1.500.000 τηλ. 818-839.

ΠΩΛΕΙΤΑΙ ρετιρέ 140 τ.μ. στις Συκιές 12 χιλ. το τ.μ. 818-839.

ΠΩΛΕΙΤΑΙ 2 ρετιρέ 58 και 67 τ.μ. στην Καλαμαριά. Τηλ. 818-839.

ΠΩΛΕΙΤΑΙ διαμ. επί της Βασ. Όλγας Αναλήψεως 80 τ.μ. Τηλ. 818-839.

ΠΩΛΕΙΤΑΙ επί της Βασ. Όλγας 120 τ.μ. Τηλ. 818-839.

ΠΩΛΕΙΤΑΙ 4 όροφοι, 2 σε Τρίγωνο, 2 σε Καλαμαριά. Τηλ. 818-839.

ΠΩΛΕΙΤΑΙ 58 τ.μ. επί της Εγνατίας. Τηλ. 818-839.

ΠΩΛΕΙΤΑΙ 90 τ.μ. επί της Πεφ. Τηλ. 818-839.

ΠΩΛΕΙΤΑΙ διαμ. επί της Κουντουριώτου 100 τ.μ. Τηλ. 818-839.

ΠΩΛΕΙΤΑΙ κατάστημα 60 μ2. Τηλ. 818-839.

ΔΙΑΜΕΡΙΣΜΑ 108 τ.μ. 1ος όροφος. Τηλ. 231-160.

ΔΙΑΜΕΡΙΣΜΑ 87 τ.μ. 2ος όροφος. Τηλ. 231-160.

ΔΙΑΜΕΡΙΣΜΑ 76 τ.μ. λούξ 3ος όροφος στην Τούμπα. Τηλ. 231-160.

ΔΙΑΜΕΡΙΣΜΑ 100 τ.μ. 2ος όροφος. Τηλ. 231-160.

ΔΙΑΜΕΡΙΣΜΑ 50 τ.μ. 1ος όροφος. Τηλ. 231-160.

ΔΙΑΜΕΡΙΣΜΑ 40 τ.μ. 1ος όροφος. Τηλ. 231-160.

ΥΠΟΓΕΙΟ 100 τ.μ. εύκολο. Τηλ. 231-160.

ΔΙΑΜΕΡΙΣΜΑ 93 τ.μ. 3ος όροφος. Τηλ. 231-160.

ΚΑΤΑΣΤΗΜΑΤΑ, Βιοτεχνικοί χώροι στη Μενεμένη. Τηλ. 231-160.

ΕΥΚΑΙΡΙΑ: Καταστήματα επί της Παπαναστασίου 171 τ.μ. Τηλ. 231-160.

ΠΩΛΕΙΤΑΙ κατάστημα στο κέντρο. Τηλ. 265-880.

ΣΟΛΩΝΟΣ διαμερίσματα στο κέντρο. Τηλ. 265-880.

ΔΙΑΜΕΡΙΣΜΑ 4 - ρετιρέ σε όλες τις περιοχές. Τηλ. 265-880.

ΤΣΙΜΙΣΚΗ κοντά στην Αριστοτέλους διαμέρισμα. Τηλ. 265-880.

ΒΕΝΙΖΕΛΟΥ γραφεία διαμερίσματα στο κέντρο. Τηλ. 265-880.

ΔΙΑΜΕΡΙΣΜΑ 4 ΔΣΚΛ στο κέντρο. Τηλ. 265-880.

ΔΙΑΜΕΡΙΣΜΑ και καταστήματα στην Τούμπα. Τηλ. 265-880.

ΑΝΤΙΠΑΡΟΧΗ οικόπεδα Κ. Τούμπα 750 τ.μ. Τηλ. 265-880.

ΠΕΡΙΟΧΗ Καμάρας οικόπεδα. Τηλ. 265-880.

ΠΕΡΙΟΧΗ Καμάρας, καταστήματα. Τηλ. 265-880.

ΔΙΑΜΕΡΙΣΜΑΤΑ στο κέντρο 120 τ.μ. Τηλ. 265-880.

ΚΑΜΑΡΑΣ περιοχή 3 διαμερίσματα σε πολυκατοικία. Τηλ. 265-880.

ΑΣΣΟΧΟΡΙΣ διαμερίσματα. Τηλ. 265-880.

ΠΡΟΣΟΧΗ! 6 στρέμματα στη Χαλκιδική. Τηλ. 265-880.

ΓΕΩΡΓΙΚΗ Σχολή επί ασφάλτου 11 στρέμματα. Τηλ. 265-880.

ΠΩΛΕΙΤΑΙ 168 τ.μ. επί της Εγνατίας. Τηλ. 265-880.

ΠΩΛΕΙΤΑΙ διαμέρισμα στην Πολίχνη. Τηλ. 265-880.

ΑΓΙΟΣ Αθανάσιος οικόπεδα. Τηλ. 265-880.

ΠΩΛΕΙΤΑΙ διαμέρισμα 3 ΔΣΚΛ 2.300.000. Τηλ. 235-880.

ΚΤΗΜΑΤΙΚΑΙ συναλλαγαί 'Ερμής' Καλλές, Αθ. οδός 114, τηλ. 421-035, 414-760.

ΟΙΚΟΠΕΔΑ Ε επί της Αγίας Αναστασίας, Ωρ. 10, τηλ. 421-035.

ΚΑΛΛΗΣ: Διαμέρισμα στην Ασπροβάλτα 93, 95, ΠΩΛΗΣ 100 τ.μ. Τηλ. 421-035.

ΚΑΛΛΗΣ: Διαμερίσματα στην 'Κρήνη' 70 τ.μ. και 90 τ.μ. τηλ. 421-035.

ΚΑΛΛΗΣ: Οικόπεδα 4 Περιοχή, Άγιος Ιωάννης 2.000 τ.μ. Τηλ. 421-035.

ΚΑΛΛΗΣ: Οικόπεδο στο κέντρο 100 τ.μ. 2.000.000. Τηλ. 421-035.

ΚΑΛΛΗΣ: Μονοκατοικίες Πυλαία 90, 120, 150 τ.μ. Τηλ. 421-035.

ΚΑΛΛΗΣ: Διαμερίσματα στη Θέρμη, Περιοχή. Τηλ. 421-035.

ΚΑΛΛΗΣ: Ένας και ένας σχέδιο Περαία, πλησίον Ρεθύμνου, Τηλ. 421-035.

ΚΑΛΛΗΣ: Καταστήματα Τρίγωνο, επί της Αγ. Δημητρίου. Τηλ. 421-035.

ΚΑΛΛΗΣ: Διαμερίσματα πολυκατοικίας σε Περαία, Αγία Τριάδα. Τηλ. 421-035.

ΚΑΛΛΗΣ: Προσοχή 49 στρέμ. 25 χιλ. μεγάλα, πρώτη σε Νέο Σχέδιο, Τηλ. 421-035.

ΖΟΥΠΕΡ ευκαιρία πωλείται γωνιακό. Τηλ. 529.290, 233.323.

ΓΚΑΡΣΟΝΙΕΡΑ 28 τ.μ. Πλατεία Ναυαρίνου. Τηλ. 529.290.

ΕΥΚΑΙΡΙΑ καινούργιο διαμέρισμα στην Αγ. Δημητρίου. Τηλ. 529.290, 233.323.

ΕΥΚΑΙΡΙΑ πωλείται διαμέρισμα 3ος όροφος 80 τ.μ. Τηλ. 529.290, 233.323.

ΖΟΥΠΕΡ πωλείται διαμέρισμα στη Καλαμαριά. Τηλ. 529.290, 233.323.

ΕΥΚΑΙΡΙΑ οικόπεδο στην Αγία Τριάδα. Τηλ. 529.290.

ΕΥΚΑΙΡΙΑ πωλείται σούπερ ρετιρέ 125 τ.μ. Τηλ. 529.290, 233.323.

ΕΥΚΑΙΡΙΑ διαμέρισμα 2ος όροφος 3.200.000, τηλ. 529.290.

ΕΥΚΑΙΡΙΑ οικόπεδο 2.000 τ.μ. Τηλ. 529.290, 233.323.

ΟΙΚΟΠΕΔΟ πωλείται στο Πανόραμα 1.550 τ.μ. Τηλ. 529.290, 233.323.

ΟΙΚΟΠΕΔΟ πωλείται στο Ωραιόκαστρο. Τηλ. 529.290.

ΖΗΤΩ διαμέρισμα πωλείται 70-80 μ2. Τηλ. 426-060.

ΠΩΛΕΙΤΑΙ διαμέρισμα 150 μ2, 1ος όροφος. Τηλ. 426-060.

ΠΩΛΕΙΤΑΙ διαμέρισμα 65 τ.μ. Τηλ. 654-031.

ΔΙΑΜΕΡΙΣΜΑ 75 μ2 έναντι ΔΕΗ. Τηλ. 220.051.

ΠΟΤΙΔΑΙΑ: Πωλούνται οικόπεδα σε καλή θέση. Τηλ. 264-311.

ΠΟΤΙΔΑΙΑ: Πωλούνται οικόπεδα 1.000 τ.μ. Τηλ. 264-311.

ΠΑΓΙΑ παραλία, όπισθεν Κρικιλ Ντρέξ, οικόπεδο. Τηλ. 522-466.

ΠΩΛΕΙΤΑΙ διαμέρισμα 95 μ2 στην Καλαμαριά. Τηλ. 615.661.

ΠΩΛΕΙΤΑΙ ευκαιρία σε καλή θέση. Τηλ. 304-137.

ΠΩΛΕΙΤΑΙ εξοχικό διαμέρισμα στην Περαία. Τηλ. 304-137.

ΠΩΛΕΙΤΑΙ διαμέρισμα στη Θέρμη. Τηλ. 304-137.

ΓΚΑΡΣΟΝΙΕΡΑ 41 μ2 καινούργια. Τηλ. 304-137.

ΑΝΤΑΛΛΑΣΣΟ διαμέρισμα 3ος όροφος 60 μ2. Τηλ. 421-035.

ΠΩΛΕΙΤΑΙ κτήριο κεντρικό 4 ορόφων. Τηλ. 421-035.

ΟΙΚΙΣΜΟΣ Κάλλης και κομμάτι. Τηλ. 421-035.

ΣΥΝΕΧ

ΟΙΚΟΠ κοντά στο κέντρο πωλείται.

ΚΑΛΛΗΣ διαμέρισμα τηλ. 421-035.

ΠΩΛΕΙΤΑΙ οικόπεδο 900 τ.μ.

ΣΠΗΛ στην περιοχή τηλ. 522-466.

ΟΙΚΟΠ στην Άνω Τούμπα.

ΠΩΛΕΙΤΑΙ διαμ. 95 τ.μ.

ΚΑΛΑΜ μονοκατοικία 129.

ΠΩΛΕΙΤΑΙ κατάστημα τηλ.

ΟΙΚΟΠ εντός σχεδίου.

ΔΙΑΜΕΡ 3ος όροφος.

ΠΩΛΕΙΤΑΙ ρετιρέ 529.

ΖΥΓΟΣ διαμέρισμα τηλ.

ΟΙΚΟΠ 2.000 τ.μ.

ΚΑΡΑΣ διαμέρισμα 50.

ΧΑΝΙΑ πωλείται οικόπεδο.

ΑΠΟ 1.500.000 δρχ.

ΠΩΛΟΥ διαμερίσματα.

ΠΑΡΑΣ κατάστημα τηλ.

ΚΑΤΑΣ κεντρικό 233.

ΠΩΛΕΙΤΑΙ διαμ. 98 τ.μ.

ΚΑΤΑΣ 125 τ.μ. τηλ.

ΠΩΛΕΙΤΑΙ 135 τ.μ.

ΚΑΤΑΣ γωνιακό τηλ.

ΠΩΛΕΙΤΑΙ οικόπεδο.

ΠΩΛΕΙΤΑΙ διαμέρισμα.

ΚΑΤΑΣΤ 95 τ.μ.

ΠΩΛΟ ευκαιρία τηλ.

Η ΣΥΝΕΧΕΙΑ ΣΤΗ 18η ΣΕΛΙΔΑ
